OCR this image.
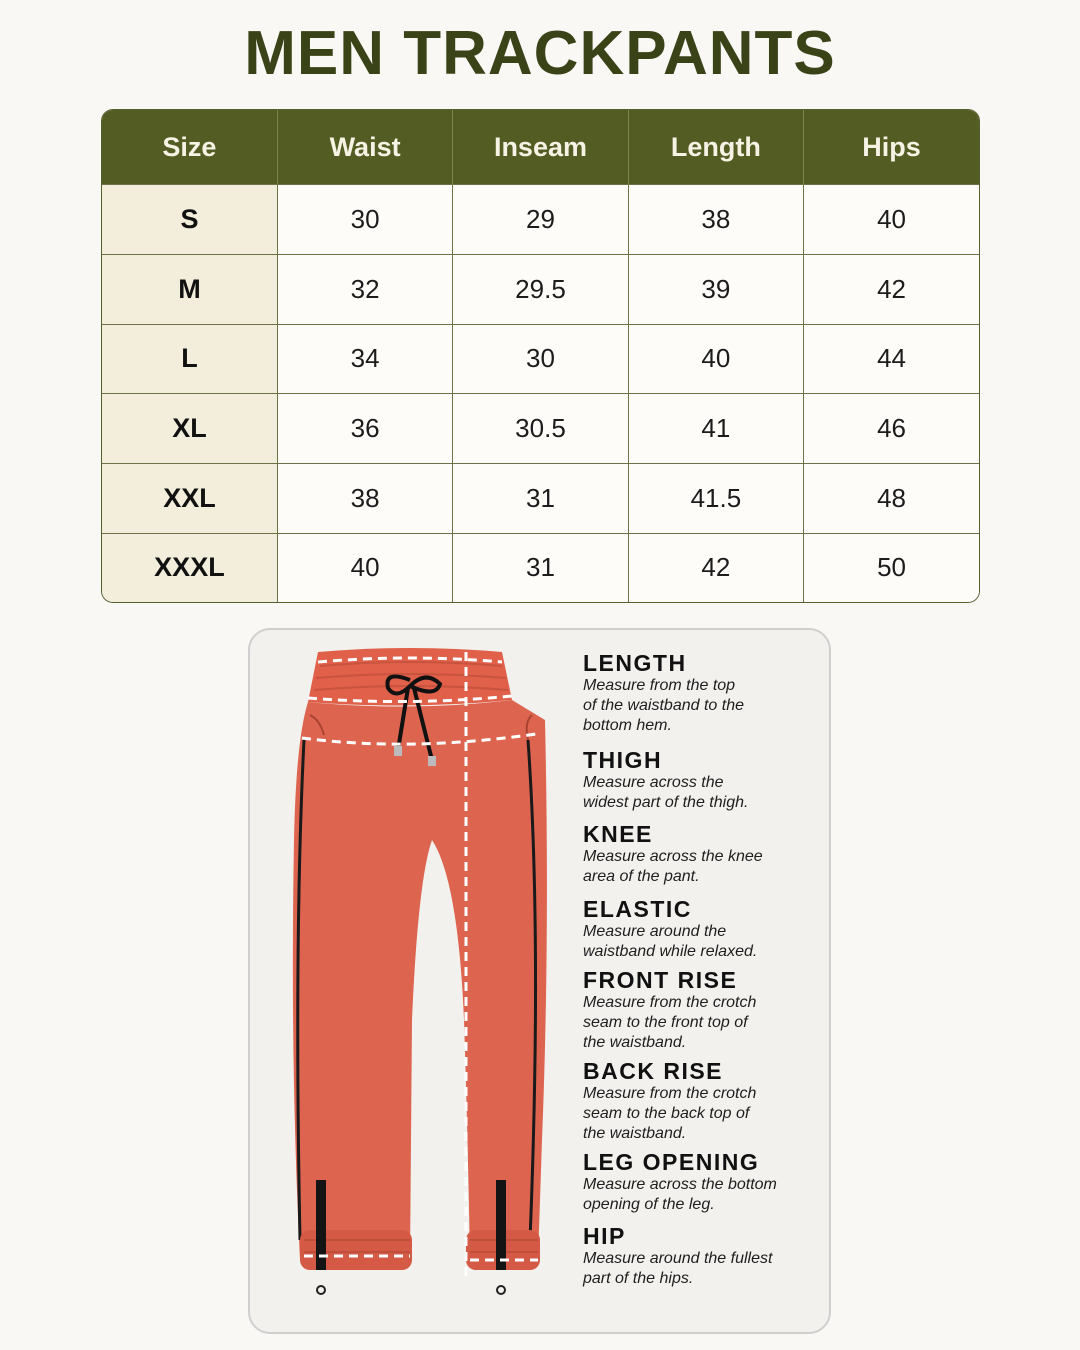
MEN TRACKPANTS
Size	Waist	Inseam	Length	Hips
S	30	29	38	40
M	32	29.5	39	42
L	34	30	40	44
XL	36	30.5	41	46
XXL	38	31	41.5	48
XXXL	40	31	42	50
LENGTH
Measure from the top
of the waistband to the
bottom hem.
THIGH
Measure across the
widest part of the thigh.
KNEE
Measure across the knee
area of the pant.
ELASTIC
Measure around the
waistband while relaxed.
FRONT RISE
Measure from the crotch
seam to the front top of
the waistband.
BACK RISE
Measure from the crotch
seam to the back top of
the waistband.
LEG OPENING
Measure across the bottom
opening of the leg.
HIP
Measure around the fullest
part of the hips.
